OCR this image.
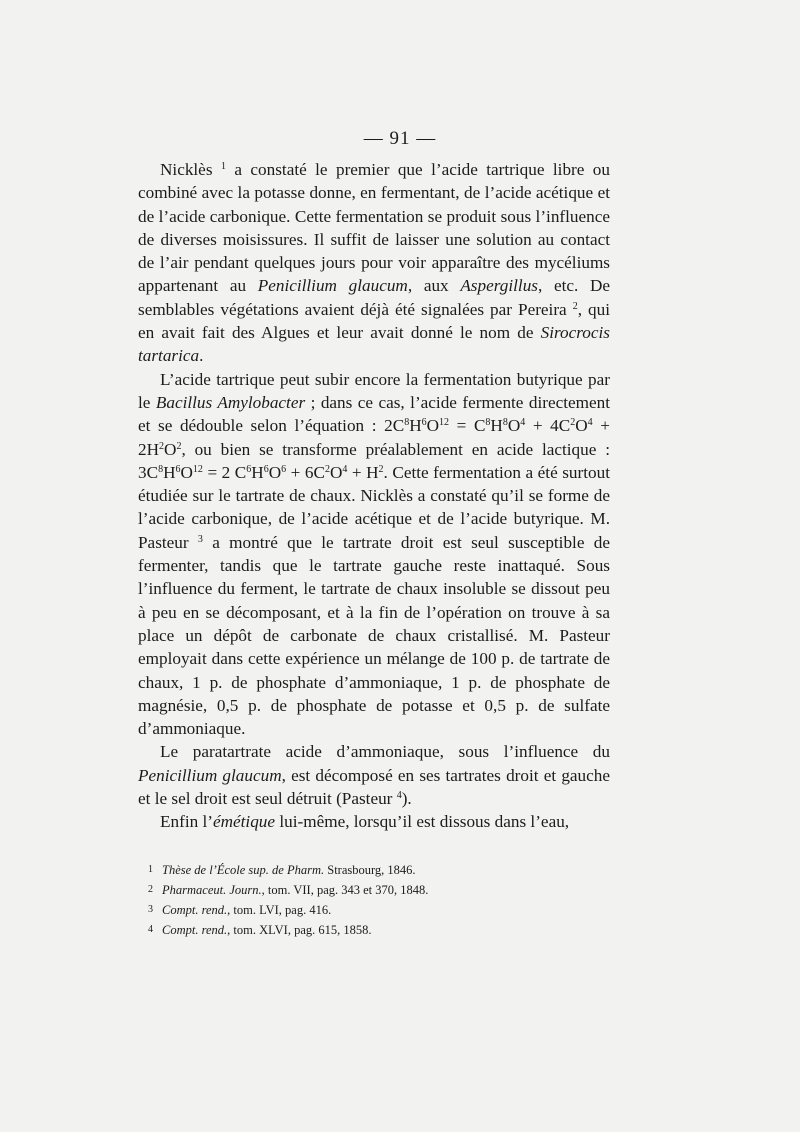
— 91 —

Nicklès $^1$ a constaté le premier que l’acide tartrique libre ou combiné avec la potasse donne, en fermentant, de l’acide acétique et de l’acide carbonique. Cette fermentation se produit sous l’influence de diverses moisissures. Il suffit de laisser une solution au contact de l’air pendant quelques jours pour voir apparaître des mycéliums appartenant au Penicillium glaucum, aux Aspergillus, etc. De semblables végétations avaient déjà été signalées par Pereira $^2$, qui en avait fait des Algues et leur avait donné le nom de Sirocrocis tartarica.

L’acide tartrique peut subir encore la fermentation butyrique par le Bacillus Amylobacter ; dans ce cas, l’acide fermente directement et se dédouble selon l’équation : $2C^8H^6O^{12} = C^8H^8O^4 + 4C^2O^4 + 2H^2O^2$, ou bien se transforme préalablement en acide lactique : $3C^8H^6O^{12} = 2$ $C^6H^6O^6 + 6C^2O^4 + H^2$. Cette fermentation a été surtout étudiée sur le tartrate de chaux. Nicklès a constaté qu’il se forme de l’acide carbonique, de l’acide acétique et de l’acide butyrique. M. Pasteur $^3$ a montré que le tartrate droit est seul susceptible de fermenter, tandis que le tartrate gauche reste inattaqué. Sous l’influence du ferment, le tartrate de chaux insoluble se dissout peu à peu en se décomposant, et à la fin de l’opération on trouve à sa place un dépôt de carbonate de chaux cristallisé. M. Pasteur employait dans cette expérience un mélange de 100 p. de tartrate de chaux, 1 p. de phosphate d’ammoniaque, 1 p. de phosphate de magnésie, 0,5 p. de phosphate de potasse et 0,5 p. de sulfate d’ammoniaque.

Le paratartrate acide d’ammoniaque, sous l’influence du Penicillium glaucum, est décomposé en ses tartrates droit et gauche et le sel droit est seul détruit (Pasteur $^4$).

Enfin l’émétique lui-même, lorsqu’il est dissous dans l’eau,

1 Thèse de l’École sup. de Pharm. Strasbourg, 1846.
2 Pharmaceut. Journ., tom. VII, pag. 343 et 370, 1848.
3 Compt. rend., tom. LVI, pag. 416.
4 Compt. rend., tom. XLVI, pag. 615, 1858.
